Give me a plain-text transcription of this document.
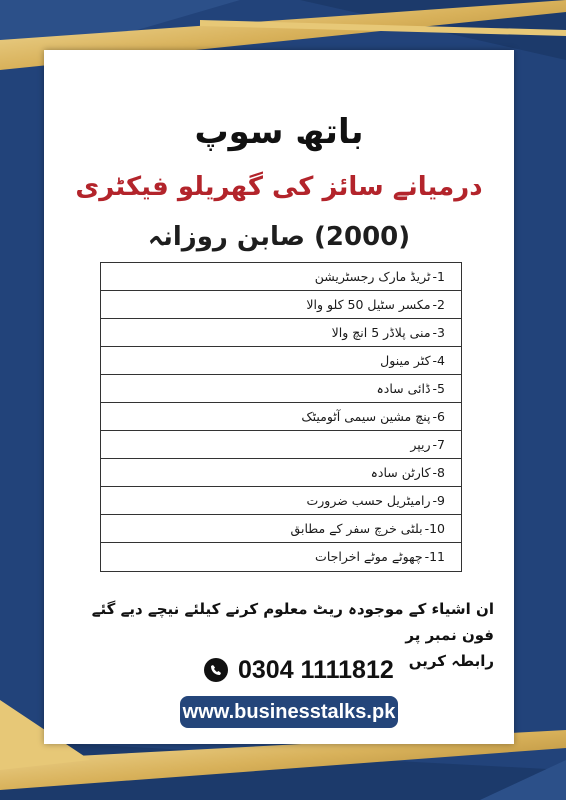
باتھ سوپ
درمیانے سائز کی گھریلو فیکٹری
(2000) صابن روزانہ
1-ٹریڈ مارک رجسٹریشن
2-مکسر سٹیل 50 کلو والا
3-منی پلاڈر 5 انچ والا
4-کٹر مینول
5-ڈائی سادہ
6-پنچ مشین سیمی آٹومیٹک
7-ریپر
8-کارٹن سادہ
9-رامیٹریل حسب ضرورت
10-بلٹی خرچ سفر کے مطابق
11-چھوٹے موٹے اخراجات
ان اشیاء کے موجودہ ریٹ معلوم کرنے کیلئے نیچے دیے گئے فون نمبر پر
رابطہ کریں
0304 1111812
www.businesstalks.pk
